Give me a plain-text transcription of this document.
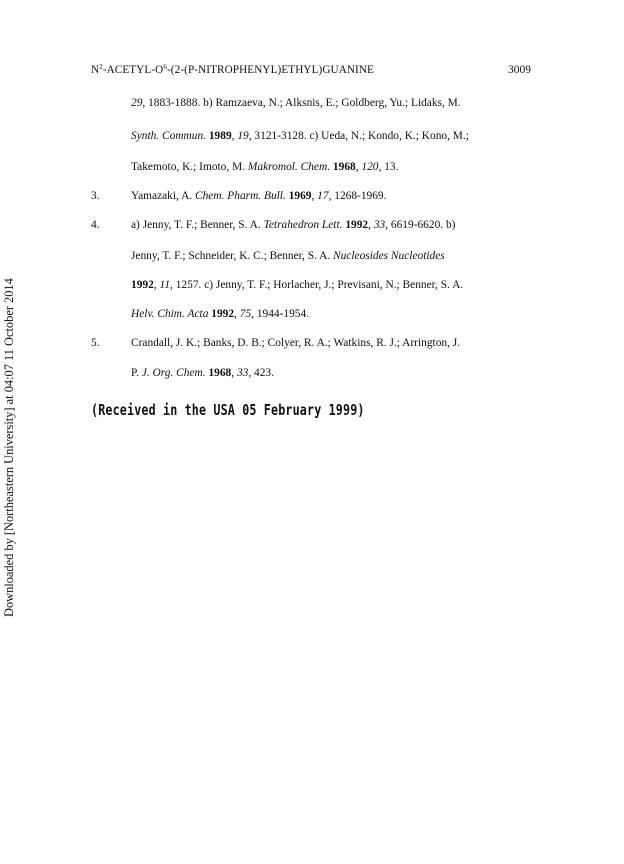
$N^2-ACETYL-O^6-(2-(P-NITROPHENYL)ETHYL)GUANINE$	3009
29, 1883-1888. b) Ramzaeva, N.; Alksnis, E.; Goldberg, Yu.; Lidaks, M.
Synth. Commun. 1989, 19, 3121-3128. c) Ueda, N.; Kondo, K.; Kono, M.;
Takemoto, K.; Imoto, M. Makromol. Chem. 1968, 120, 13.
3.	Yamazaki, A. Chem. Pharm. Bull. 1969, 17, 1268-1969.
4.	a) Jenny, T. F.; Benner, S. A. Tetrahedron Lett. 1992, 33, 6619-6620. b)
Jenny, T. F.; Schneider, K. C.; Benner, S. A. Nucleosides Nucleotides
1992, 11, 1257. c) Jenny, T. F.; Horlacher, J.; Previsani, N.; Benner, S. A.
Helv. Chim. Acta 1992, 75, 1944-1954.
5.	Crandall, J. K.; Banks, D. B.; Colyer, R. A.; Watkins, R. J.; Arrington, J.
P. J. Org. Chem. 1968, 33, 423.
(Received in the USA 05 February 1999)
Downloaded by [Northeastern University] at 04:07 11 October 2014
